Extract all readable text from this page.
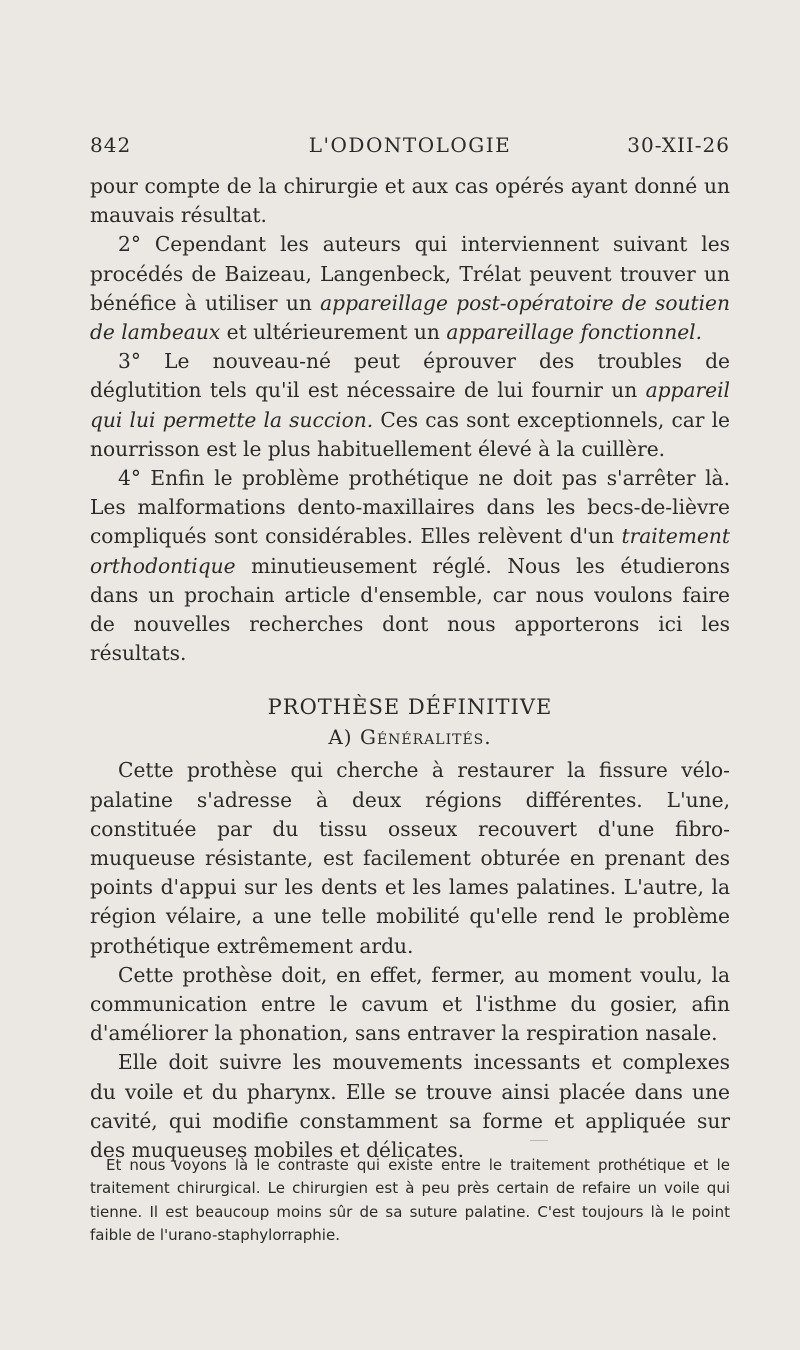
842	L'ODONTOLOGIE	30-XII-26

pour compte de la chirurgie et aux cas opérés ayant donné un mauvais résultat.

2° Cependant les auteurs qui interviennent suivant les procédés de Baizeau, Langenbeck, Trélat peuvent trouver un bénéfice à utiliser un appareillage post-opératoire de soutien de lambeaux et ultérieurement un appareillage fonctionnel.

3° Le nouveau-né peut éprouver des troubles de déglutition tels qu'il est nécessaire de lui fournir un appareil qui lui permette la succion. Ces cas sont exceptionnels, car le nourrisson est le plus habituellement élevé à la cuillère.

4° Enfin le problème prothétique ne doit pas s'arrêter là. Les malformations dento-maxillaires dans les becs-de-lièvre compliqués sont considérables. Elles relèvent d'un traitement orthodontique minutieusement réglé. Nous les étudierons dans un prochain article d'ensemble, car nous voulons faire de nouvelles recherches dont nous apporterons ici les résultats.

PROTHÈSE DÉFINITIVE
A) Généralités.

Cette prothèse qui cherche à restaurer la fissure vélo-palatine s'adresse à deux régions différentes. L'une, constituée par du tissu osseux recouvert d'une fibro-muqueuse résistante, est facilement obturée en prenant des points d'appui sur les dents et les lames palatines. L'autre, la région vélaire, a une telle mobilité qu'elle rend le problème prothétique extrêmement ardu.

Cette prothèse doit, en effet, fermer, au moment voulu, la communication entre le cavum et l'isthme du gosier, afin d'améliorer la phonation, sans entraver la respiration nasale.

Elle doit suivre les mouvements incessants et complexes du voile et du pharynx. Elle se trouve ainsi placée dans une cavité, qui modifie constamment sa forme et appliquée sur des muqueuses mobiles et délicates.

Et nous voyons là le contraste qui existe entre le traitement prothétique et le traitement chirurgical. Le chirurgien est à peu près certain de refaire un voile qui tienne. Il est beaucoup moins sûr de sa suture palatine. C'est toujours là le point faible de l'urano-staphylorraphie.
